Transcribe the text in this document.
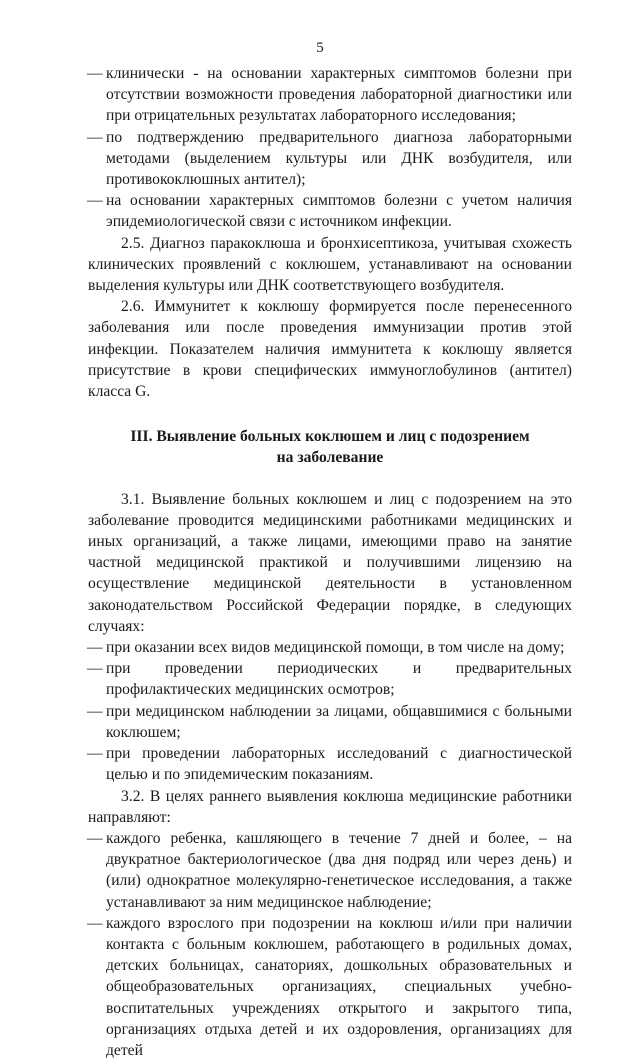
5

— клинически - на основании характерных симптомов болезни при отсутствии возможности проведения лабораторной диагностики или при отрицательных результатах лабораторного исследования;

— по подтверждению предварительного диагноза лабораторными методами (выделением культуры или ДНК возбудителя, или противококлюшных антител);

— на основании характерных симптомов болезни с учетом наличия эпидемиологической связи с источником инфекции.

2.5. Диагноз паракоклюша и бронхисептикоза, учитывая схожесть клинических проявлений с коклюшем, устанавливают на основании выделения культуры или ДНК соответствующего возбудителя.

2.6. Иммунитет к коклюшу формируется после перенесенного заболевания или после проведения иммунизации против этой инфекции. Показателем наличия иммунитета к коклюшу является присутствие в крови специфических иммуноглобулинов (антител) класса G.

III. Выявление больных коклюшем и лиц с подозрением на заболевание

3.1. Выявление больных коклюшем и лиц с подозрением на это заболевание проводится медицинскими работниками медицинских и иных организаций, а также лицами, имеющими право на занятие частной медицинской практикой и получившими лицензию на осуществление медицинской деятельности в установленном законодательством Российской Федерации порядке, в следующих случаях:

— при оказании всех видов медицинской помощи, в том числе на дому;

— при проведении периодических и предварительных профилактических медицинских осмотров;

— при медицинском наблюдении за лицами, общавшимися с больными коклюшем;

— при проведении лабораторных исследований с диагностической целью и по эпидемическим показаниям.

3.2. В целях раннего выявления коклюша медицинские работники направляют:

— каждого ребенка, кашляющего в течение 7 дней и более, – на двукратное бактериологическое (два дня подряд или через день) и (или) однократное молекулярно-генетическое исследования, а также устанавливают за ним медицинское наблюдение;

— каждого взрослого при подозрении на коклюш и/или при наличии контакта с больным коклюшем, работающего в родильных домах, детских больницах, санаториях, дошкольных образовательных и общеобразовательных организациях, специальных учебно-воспитательных учреждениях открытого и закрытого типа, организациях отдыха детей и их оздоровления, организациях для детей
